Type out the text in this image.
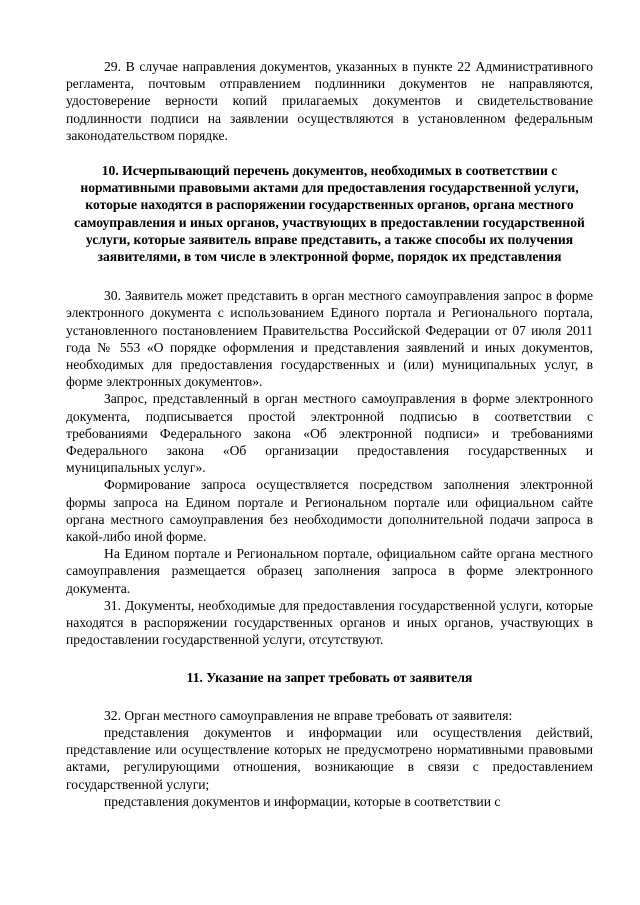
29. В случае направления документов, указанных в пункте 22 Административного регламента, почтовым отправлением подлинники документов не направляются, удостоверение верности копий прилагаемых документов и свидетельствование подлинности подписи на заявлении осуществляются в установленном федеральным законодательством порядке.

10. Исчерпывающий перечень документов, необходимых в соответствии с нормативными правовыми актами для предоставления государственной услуги, которые находятся в распоряжении государственных органов, органа местного самоуправления и иных органов, участвующих в предоставлении государственной услуги, которые заявитель вправе представить, а также способы их получения заявителями, в том числе в электронной форме, порядок их представления

30. Заявитель может представить в орган местного самоуправления запрос в форме электронного документа с использованием Единого портала и Регионального портала, установленного постановлением Правительства Российской Федерации от 07 июля 2011 года № 553 «О порядке оформления и представления заявлений и иных документов, необходимых для предоставления государственных и (или) муниципальных услуг, в форме электронных документов».

Запрос, представленный в орган местного самоуправления в форме электронного документа, подписывается простой электронной подписью в соответствии с требованиями Федерального закона «Об электронной подписи» и требованиями Федерального закона «Об организации предоставления государственных и муниципальных услуг».

Формирование запроса осуществляется посредством заполнения электронной формы запроса на Едином портале и Региональном портале или официальном сайте органа местного самоуправления без необходимости дополнительной подачи запроса в какой-либо иной форме.

На Едином портале и Региональном портале, официальном сайте органа местного самоуправления размещается образец заполнения запроса в форме электронного документа.

31. Документы, необходимые для предоставления государственной услуги, которые находятся в распоряжении государственных органов и иных органов, участвующих в предоставлении государственной услуги, отсутствуют.

11. Указание на запрет требовать от заявителя

32. Орган местного самоуправления не вправе требовать от заявителя:

представления документов и информации или осуществления действий, представление или осуществление которых не предусмотрено нормативными правовыми актами, регулирующими отношения, возникающие в связи с предоставлением государственной услуги;

представления документов и информации, которые в соответствии с
